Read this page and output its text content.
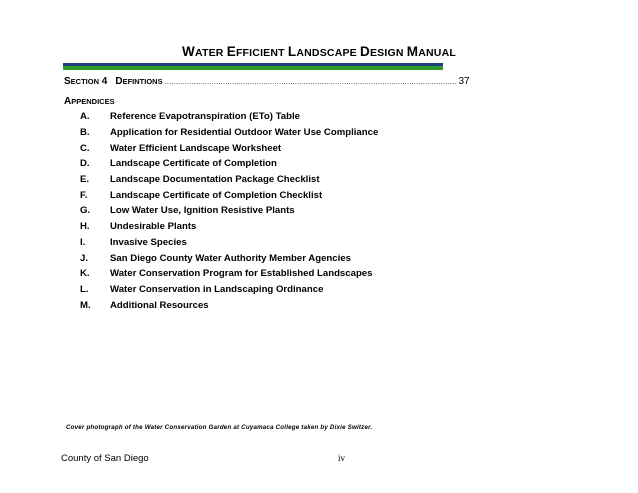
WATER EFFICIENT LANDSCAPE DESIGN MANUAL
SECTION 4 DEFINTIONS .................................................................................................................................. 37
APPENDICES
A.	Reference Evapotranspiration (ETo) Table
B.	Application for Residential Outdoor Water Use Compliance
C.	Water Efficient Landscape Worksheet
D.	Landscape Certificate of Completion
E.	Landscape Documentation Package Checklist
F.	Landscape Certificate of Completion Checklist
G.	Low Water Use, Ignition Resistive Plants
H.	Undesirable Plants
I.	Invasive Species
J.	San Diego County Water Authority Member Agencies
K.	Water Conservation Program for Established Landscapes
L.	Water Conservation in Landscaping Ordinance
M.	Additional Resources
Cover photograph of the Water Conservation Garden at Cuyamaca College taken by Dixie Switzer.
County of San Diego	iv
